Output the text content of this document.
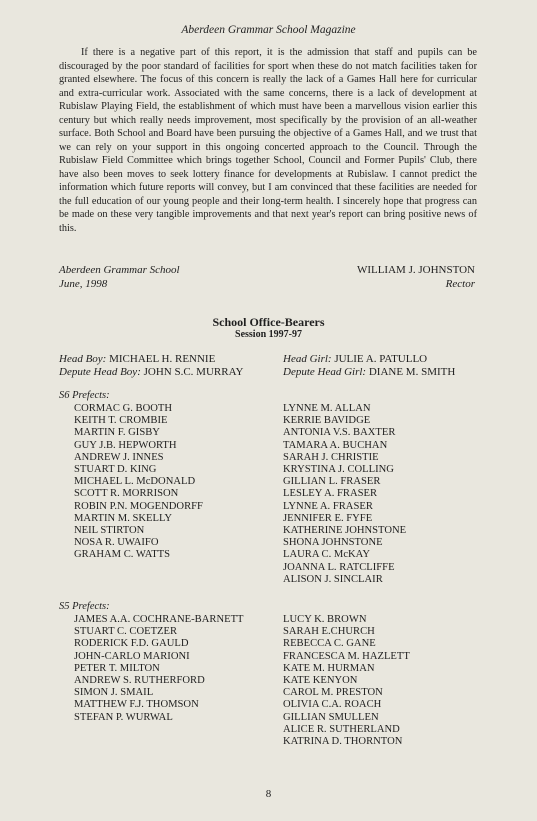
Aberdeen Grammar School Magazine

If there is a negative part of this report, it is the admission that staff and pupils can be discouraged by the poor standard of facilities for sport when these do not match facilities taken for granted elsewhere. The focus of this concern is really the lack of a Games Hall here for curricular and extra-curricular work. Associated with the same concerns, there is a lack of development at Rubislaw Playing Field, the establishment of which must have been a marvellous vision earlier this century but which really needs improvement, most specifically by the provision of an all-weather surface. Both School and Board have been pursuing the objective of a Games Hall, and we trust that we can rely on your support in this ongoing concerted approach to the Council. Through the Rubislaw Field Committee which brings together School, Council and Former Pupils' Club, there have also been moves to seek lottery finance for developments at Rubislaw. I cannot predict the information which future reports will convey, but I am convinced that these facilities are needed for the full education of our young people and their long-term health. I sincerely hope that progress can be made on these very tangible improvements and that next year's report can bring positive news of this.

Aberdeen Grammar School
June, 1998
WILLIAM J. JOHNSTON
Rector
School Office-Bearers
Session 1997-97
Head Boy: MICHAEL H. RENNIE
Depute Head Boy: JOHN S.C. MURRAY
Head Girl: JULIE A. PATULLO
Depute Head Girl: DIANE M. SMITH
S6 Prefects:
CORMAC G. BOOTH
KEITH T. CROMBIE
MARTIN F. GISBY
GUY J.B. HEPWORTH
ANDREW J. INNES
STUART D. KING
MICHAEL L. McDONALD
SCOTT R. MORRISON
ROBIN P.N. MOGENDORFF
MARTIN M. SKELLY
NEIL STIRTON
NOSA R. UWAIFO
GRAHAM C. WATTS
LYNNE M. ALLAN
KERRIE BAVIDGE
ANTONIA V.S. BAXTER
TAMARA A. BUCHAN
SARAH J. CHRISTIE
KRYSTINA J. COLLING
GILLIAN L. FRASER
LESLEY A. FRASER
LYNNE A. FRASER
JENNIFER E. FYFE
KATHERINE JOHNSTONE
SHONA JOHNSTONE
LAURA C. McKAY
JOANNA L. RATCLIFFE
ALISON J. SINCLAIR
S5 Prefects:
JAMES A.A. COCHRANE-BARNETT
STUART C. COETZER
RODERICK F.D. GAULD
JOHN-CARLO MARIONI
PETER T. MILTON
ANDREW S. RUTHERFORD
SIMON J. SMAIL
MATTHEW F.J. THOMSON
STEFAN P. WURWAL
LUCY K. BROWN
SARAH E.CHURCH
REBECCA C. GANE
FRANCESCA M. HAZLETT
KATE M. HURMAN
KATE KENYON
CAROL M. PRESTON
OLIVIA C.A. ROACH
GILLIAN SMULLEN
ALICE R. SUTHERLAND
KATRINA D. THORNTON
8
